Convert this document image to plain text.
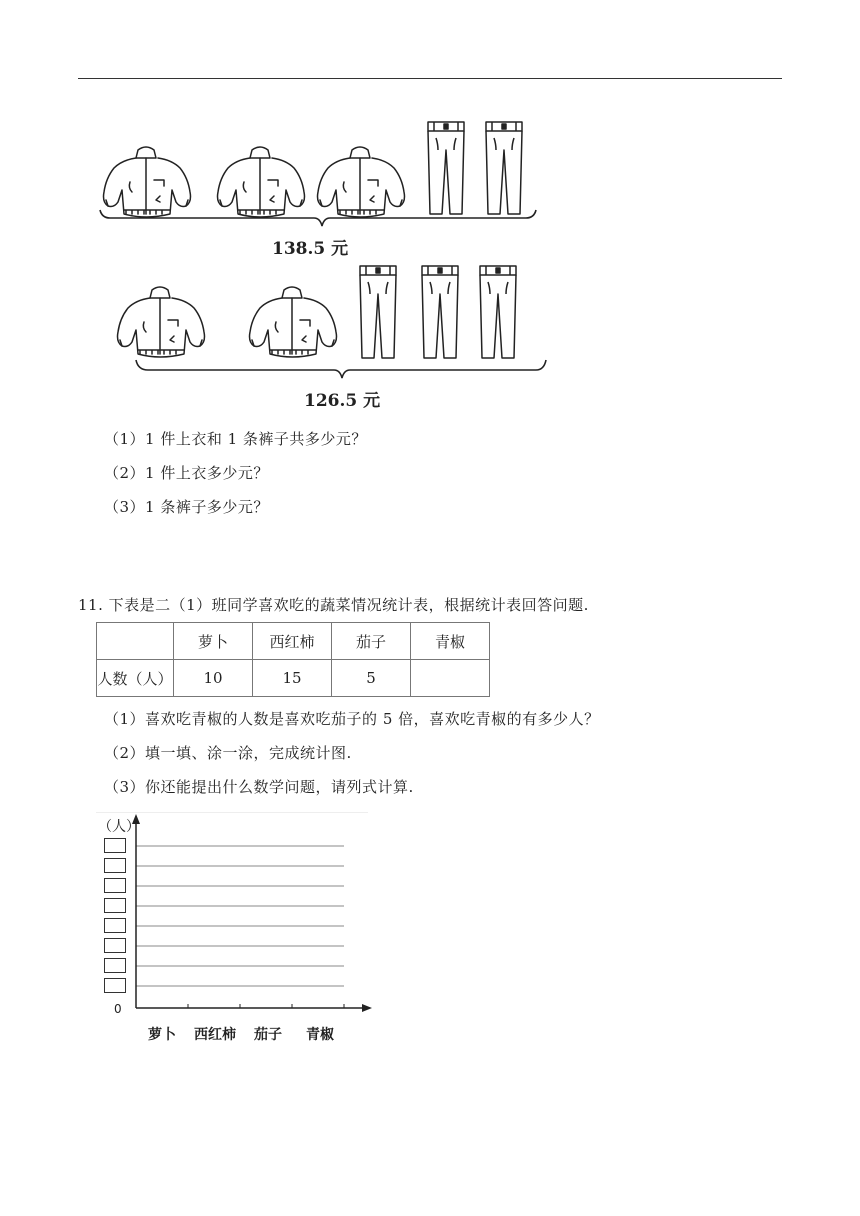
138.5 元
126.5 元
（1）1 件上衣和 1 条裤子共多少元？
（2）1 件上衣多少元？
（3）1 条裤子多少元？
11. 下表是二（1）班同学喜欢吃的蔬菜情况统计表，根据统计表回答问题.
	萝卜	西红柿	茄子	青椒
人数（人）	10	15	5	
（1）喜欢吃青椒的人数是喜欢吃茄子的 5 倍，喜欢吃青椒的有多少人？
（2）填一填、涂一涂，完成统计图.
（3）你还能提出什么数学问题，请列式计算.
（人）
0
萝卜 西红柿 茄子 青椒
